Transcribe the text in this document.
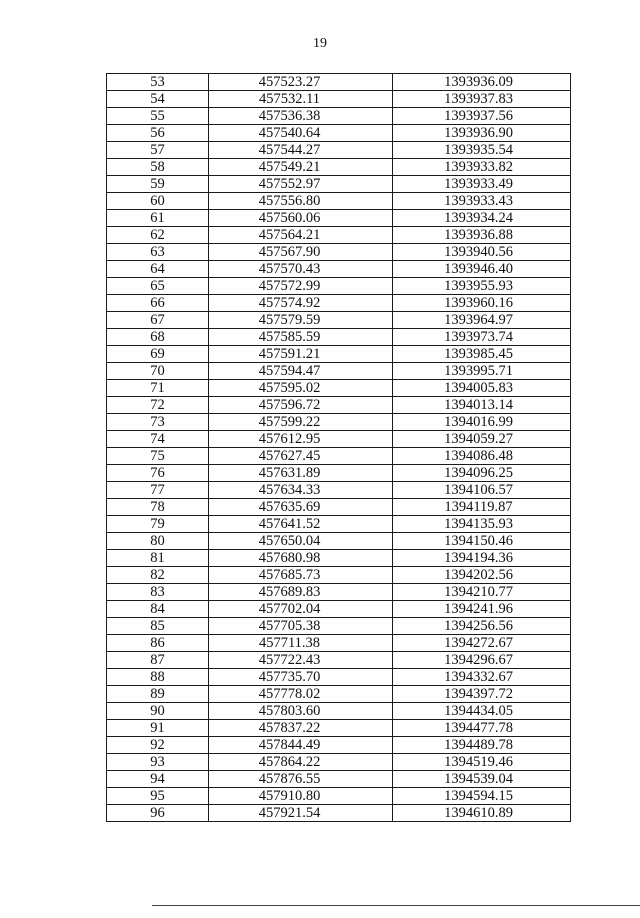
19
53	457523.27	1393936.09
54	457532.11	1393937.83
55	457536.38	1393937.56
56	457540.64	1393936.90
57	457544.27	1393935.54
58	457549.21	1393933.82
59	457552.97	1393933.49
60	457556.80	1393933.43
61	457560.06	1393934.24
62	457564.21	1393936.88
63	457567.90	1393940.56
64	457570.43	1393946.40
65	457572.99	1393955.93
66	457574.92	1393960.16
67	457579.59	1393964.97
68	457585.59	1393973.74
69	457591.21	1393985.45
70	457594.47	1393995.71
71	457595.02	1394005.83
72	457596.72	1394013.14
73	457599.22	1394016.99
74	457612.95	1394059.27
75	457627.45	1394086.48
76	457631.89	1394096.25
77	457634.33	1394106.57
78	457635.69	1394119.87
79	457641.52	1394135.93
80	457650.04	1394150.46
81	457680.98	1394194.36
82	457685.73	1394202.56
83	457689.83	1394210.77
84	457702.04	1394241.96
85	457705.38	1394256.56
86	457711.38	1394272.67
87	457722.43	1394296.67
88	457735.70	1394332.67
89	457778.02	1394397.72
90	457803.60	1394434.05
91	457837.22	1394477.78
92	457844.49	1394489.78
93	457864.22	1394519.46
94	457876.55	1394539.04
95	457910.80	1394594.15
96	457921.54	1394610.89
